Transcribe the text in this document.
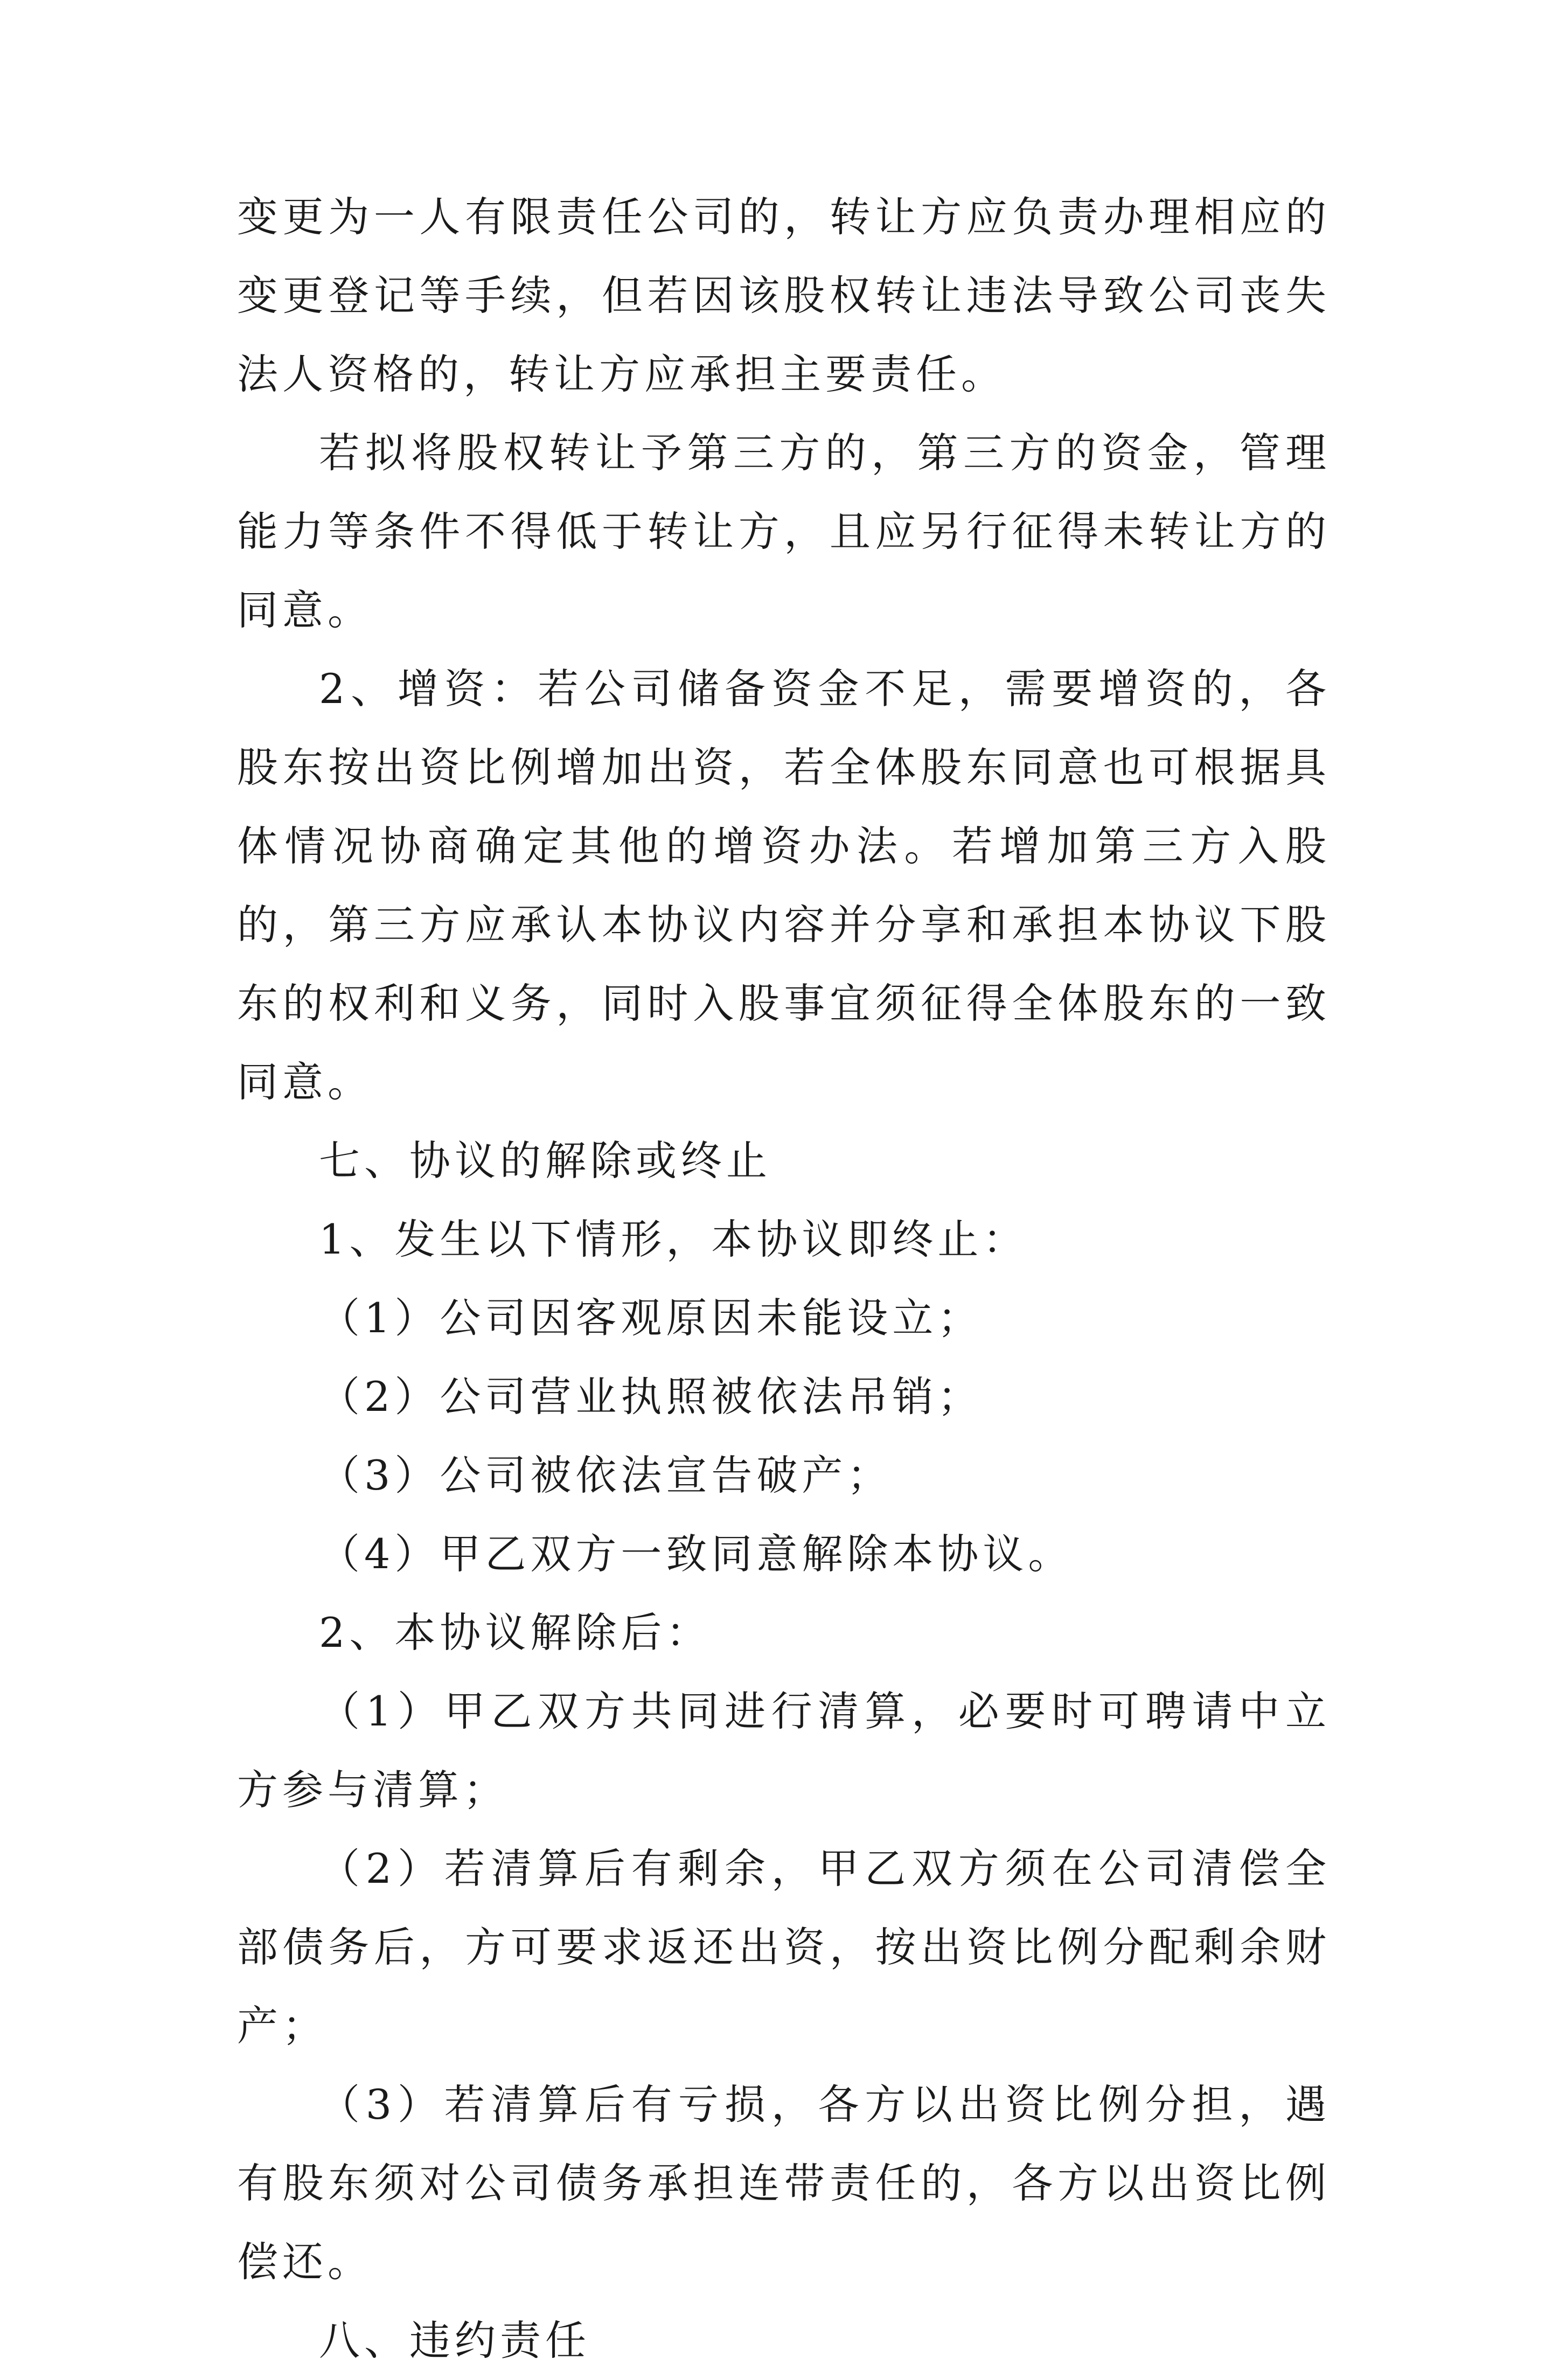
变更为一人有限责任公司的，转让方应负责办理相应的变更登记等手续，但若因该股权转让违法导致公司丧失法人资格的，转让方应承担主要责任。

若拟将股权转让予第三方的，第三方的资金，管理能力等条件不得低于转让方，且应另行征得未转让方的同意。

2、增资：若公司储备资金不足，需要增资的，各股东按出资比例增加出资，若全体股东同意也可根据具体情况协商确定其他的增资办法。若增加第三方入股的，第三方应承认本协议内容并分享和承担本协议下股东的权利和义务，同时入股事宜须征得全体股东的一致同意。

七、协议的解除或终止

1、发生以下情形，本协议即终止：

（1）公司因客观原因未能设立；

（2）公司营业执照被依法吊销；

（3）公司被依法宣告破产；

（4）甲乙双方一致同意解除本协议。

2、本协议解除后：

（1）甲乙双方共同进行清算，必要时可聘请中立方参与清算；

（2）若清算后有剩余，甲乙双方须在公司清偿全部债务后，方可要求返还出资，按出资比例分配剩余财产；

（3）若清算后有亏损，各方以出资比例分担，遇有股东须对公司债务承担连带责任的，各方以出资比例偿还。

八、违约责任
